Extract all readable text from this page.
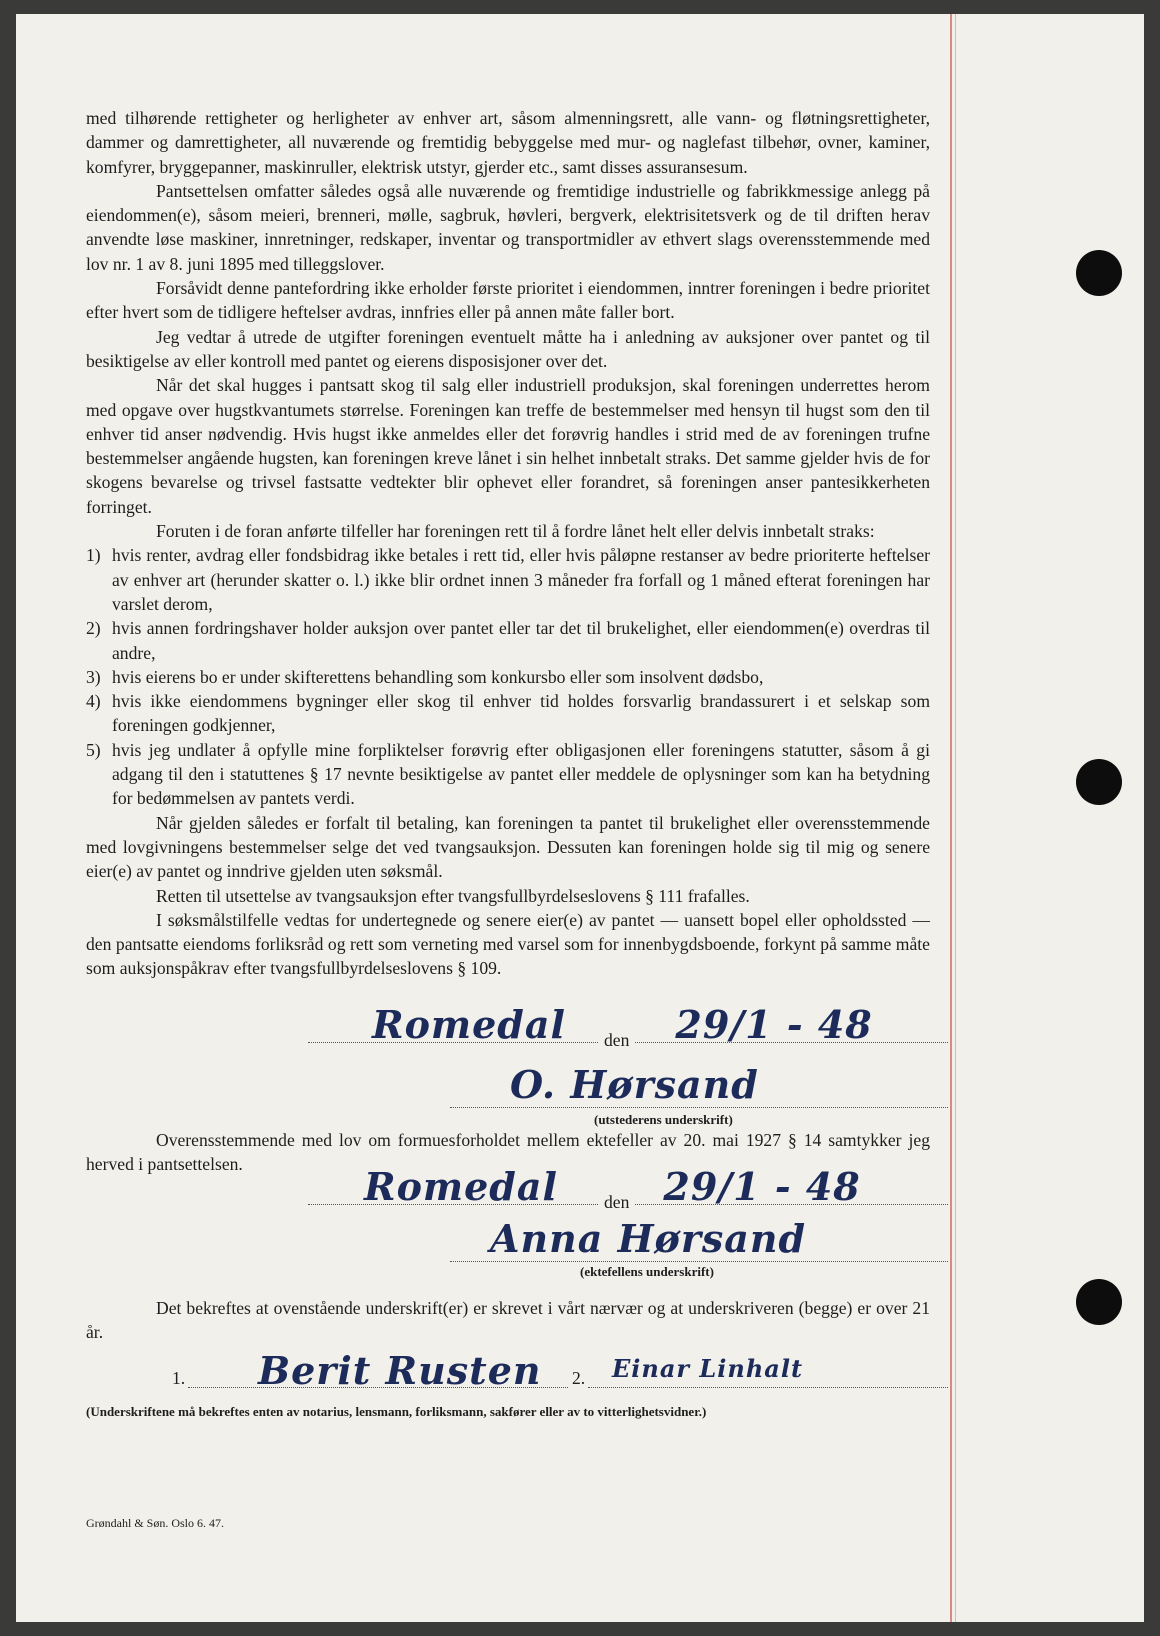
med tilhørende rettigheter og herligheter av enhver art, såsom almenningsrett, alle vann- og fløtningsrettigheter, dammer og damrettigheter, all nuværende og fremtidig bebyggelse med mur- og naglefast tilbehør, ovner, kaminer, komfyrer, bryggepanner, maskinruller, elektrisk utstyr, gjerder etc., samt disses assuransesum.

Pantsettelsen omfatter således også alle nuværende og fremtidige industrielle og fabrikkmessige anlegg på eiendommen(e), såsom meieri, brenneri, mølle, sagbruk, høvleri, bergverk, elektrisitetsverk og de til driften herav anvendte løse maskiner, innretninger, redskaper, inventar og transportmidler av ethvert slags overensstemmende med lov nr. 1 av 8. juni 1895 med tilleggslover.

Forsåvidt denne pantefordring ikke erholder første prioritet i eiendommen, inntrer foreningen i bedre prioritet efter hvert som de tidligere heftelser avdras, innfries eller på annen måte faller bort.

Jeg vedtar å utrede de utgifter foreningen eventuelt måtte ha i anledning av auksjoner over pantet og til besiktigelse av eller kontroll med pantet og eierens disposisjoner over det.

Når det skal hugges i pantsatt skog til salg eller industriell produksjon, skal foreningen underrettes herom med opgave over hugstkvantumets størrelse. Foreningen kan treffe de bestemmelser med hensyn til hugst som den til enhver tid anser nødvendig. Hvis hugst ikke anmeldes eller det forøvrig handles i strid med de av foreningen trufne bestemmelser angående hugsten, kan foreningen kreve lånet i sin helhet innbetalt straks. Det samme gjelder hvis de for skogens bevarelse og trivsel fastsatte vedtekter blir ophevet eller forandret, så foreningen anser pantesikkerheten forringet.

Foruten i de foran anførte tilfeller har foreningen rett til å fordre lånet helt eller delvis innbetalt straks:

1) hvis renter, avdrag eller fondsbidrag ikke betales i rett tid, eller hvis påløpne restanser av bedre prioriterte heftelser av enhver art (herunder skatter o. l.) ikke blir ordnet innen 3 måneder fra forfall og 1 måned efterat foreningen har varslet derom,
2) hvis annen fordringshaver holder auksjon over pantet eller tar det til brukelighet, eller eiendommen(e) overdras til andre,
3) hvis eierens bo er under skifterettens behandling som konkursbo eller som insolvent dødsbo,
4) hvis ikke eiendommens bygninger eller skog til enhver tid holdes forsvarlig brandassurert i et selskap som foreningen godkjenner,
5) hvis jeg undlater å opfylle mine forpliktelser forøvrig efter obligasjonen eller foreningens statutter, såsom å gi adgang til den i statuttenes § 17 nevnte besiktigelse av pantet eller meddele de oplysninger som kan ha betydning for bedømmelsen av pantets verdi.

Når gjelden således er forfalt til betaling, kan foreningen ta pantet til brukelighet eller overensstemmende med lovgivningens bestemmelser selge det ved tvangsauksjon. Dessuten kan foreningen holde sig til mig og senere eier(e) av pantet og inndrive gjelden uten søksmål.

Retten til utsettelse av tvangsauksjon efter tvangsfullbyrdelseslovens § 111 frafalles.

I søksmålstilfelle vedtas for undertegnede og senere eier(e) av pantet — uansett bopel eller opholdssted — den pantsatte eiendoms forliksråd og rett som verneting med varsel som for innenbygdsboende, forkynt på samme måte som auksjonspåkrav efter tvangsfullbyrdelseslovens § 109.

Romedal den 29/1 - 48
O. Hørsand
(utstederens underskrift)
Overensstemmende med lov om formuesforholdet mellem ektefeller av 20. mai 1927 § 14 samtykker jeg herved i pantsettelsen.	Romedal	den 29/1 - 48
Anna Hørsand
(ektefellens underskrift)
Det bekreftes at ovenstående underskrift(er) er skrevet i vårt nærvær og at underskriveren (begge) er over 21 år.
1. Berit Rusten 2. Einar Linhalt
(Underskriftene må bekreftes enten av notarius, lensmann, forliksmann, sakfører eller av to vitterlighetsvidner.)
Grøndahl & Søn. Oslo 6. 47.
